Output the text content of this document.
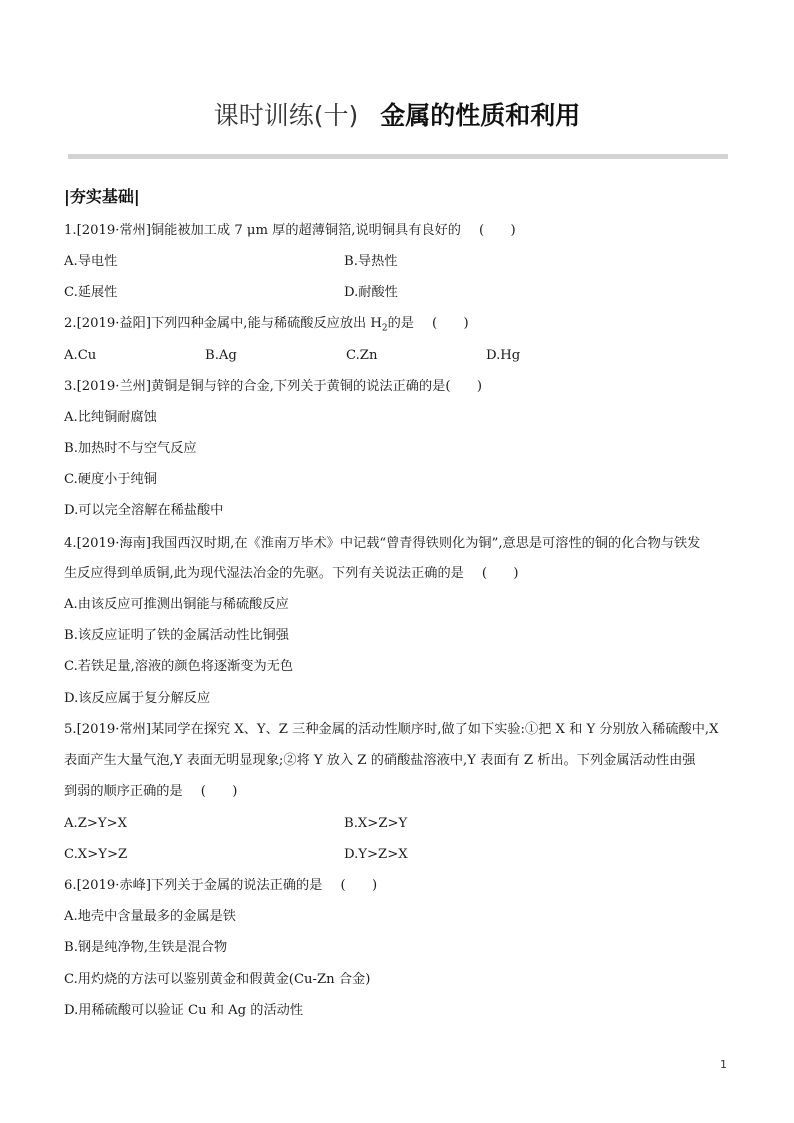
课时训练(十) 金属的性质和利用
|夯实基础|
1.[2019·常州]铜能被加工成 7 μm 厚的超薄铜箔,说明铜具有良好的 (　　)
A.导电性	B.导热性
C.延展性	D.耐酸性
2.[2019·益阳]下列四种金属中,能与稀硫酸反应放出 $H_2$的是 (　　)
A.Cu	B.Ag	C.Zn	D.Hg
3.[2019·兰州]黄铜是铜与锌的合金,下列关于黄铜的说法正确的是(　　)
A.比纯铜耐腐蚀
B.加热时不与空气反应
C.硬度小于纯铜
D.可以完全溶解在稀盐酸中
4.[2019·海南]我国西汉时期,在《淮南万毕术》中记载“曾青得铁则化为铜”,意思是可溶性的铜的化合物与铁发
生反应得到单质铜,此为现代湿法冶金的先驱。下列有关说法正确的是 (　　)
A.由该反应可推测出铜能与稀硫酸反应
B.该反应证明了铁的金属活动性比铜强
C.若铁足量,溶液的颜色将逐渐变为无色
D.该反应属于复分解反应
5.[2019·常州]某同学在探究 X、Y、Z 三种金属的活动性顺序时,做了如下实验:①把 X 和 Y 分别放入稀硫酸中,X
表面产生大量气泡,Y 表面无明显现象;②将 Y 放入 Z 的硝酸盐溶液中,Y 表面有 Z 析出。下列金属活动性由强
到弱的顺序正确的是 (　　)
A.Z>Y>X	B.X>Z>Y
C.X>Y>Z	D.Y>Z>X
6.[2019·赤峰]下列关于金属的说法正确的是 (　　)
A.地壳中含量最多的金属是铁
B.钢是纯净物,生铁是混合物
C.用灼烧的方法可以鉴别黄金和假黄金(Cu-Zn 合金)
D.用稀硫酸可以验证 Cu 和 Ag 的活动性
1
